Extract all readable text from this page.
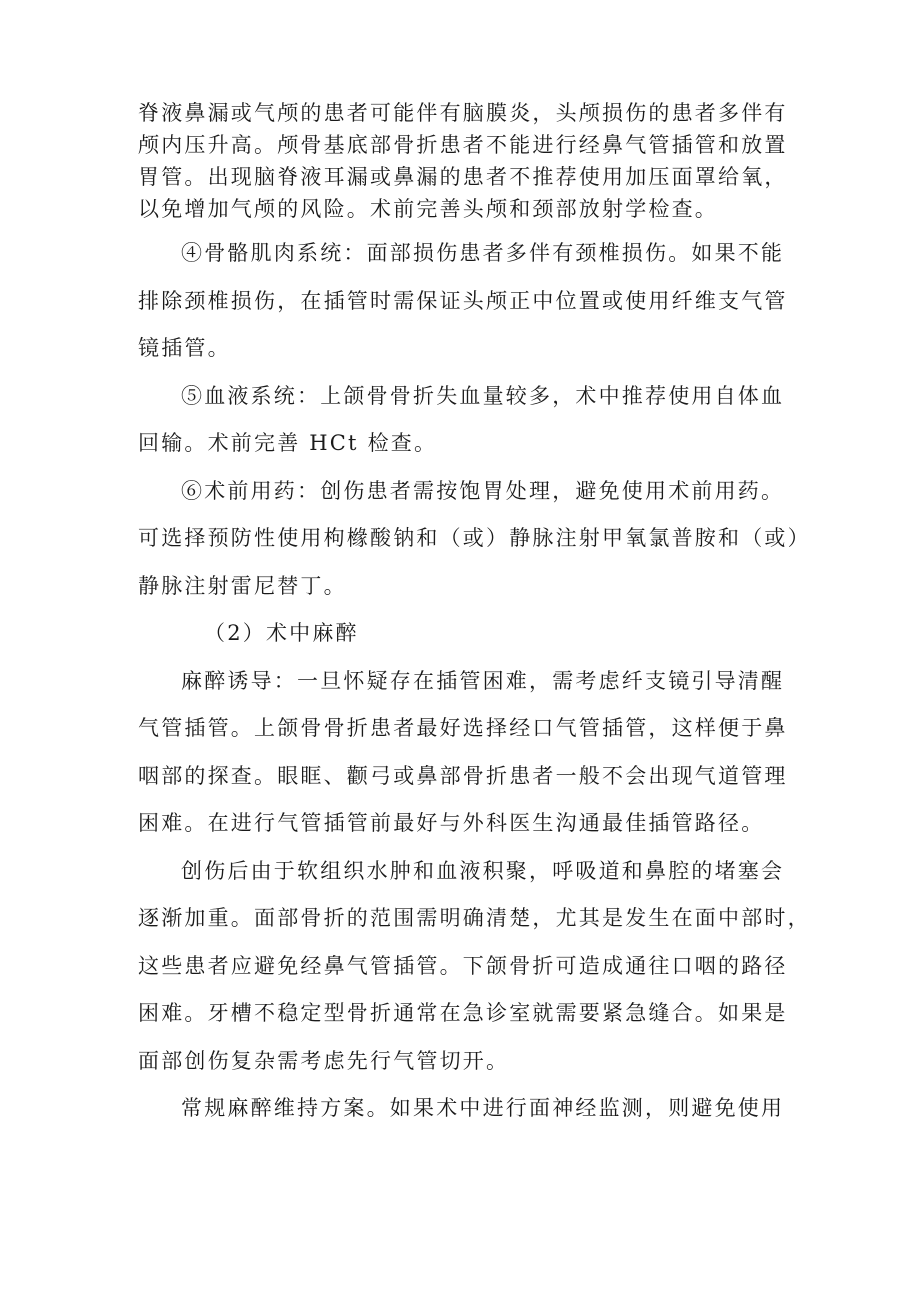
脊液鼻漏或气颅的患者可能伴有脑膜炎，头颅损伤的患者多伴有
颅内压升高。颅骨基底部骨折患者不能进行经鼻气管插管和放置
胃管。出现脑脊液耳漏或鼻漏的患者不推荐使用加压面罩给氧，
以免增加气颅的风险。术前完善头颅和颈部放射学检查。
④骨骼肌肉系统：面部损伤患者多伴有颈椎损伤。如果不能
排除颈椎损伤，在插管时需保证头颅正中位置或使用纤维支气管
镜插管。
⑤血液系统：上颌骨骨折失血量较多，术中推荐使用自体血
回输。术前完善 HCt 检查。
⑥术前用药：创伤患者需按饱胃处理，避免使用术前用药。
可选择预防性使用枸橼酸钠和（或）静脉注射甲氧氯普胺和（或）
静脉注射雷尼替丁。
（2）术中麻醉
麻醉诱导：一旦怀疑存在插管困难，需考虑纤支镜引导清醒
气管插管。上颌骨骨折患者最好选择经口气管插管，这样便于鼻
咽部的探查。眼眶、颧弓或鼻部骨折患者一般不会出现气道管理
困难。在进行气管插管前最好与外科医生沟通最佳插管路径。
创伤后由于软组织水肿和血液积聚，呼吸道和鼻腔的堵塞会
逐渐加重。面部骨折的范围需明确清楚，尤其是发生在面中部时，
这些患者应避免经鼻气管插管。下颌骨折可造成通往口咽的路径
困难。牙槽不稳定型骨折通常在急诊室就需要紧急缝合。如果是
面部创伤复杂需考虑先行气管切开。
常规麻醉维持方案。如果术中进行面神经监测，则避免使用
